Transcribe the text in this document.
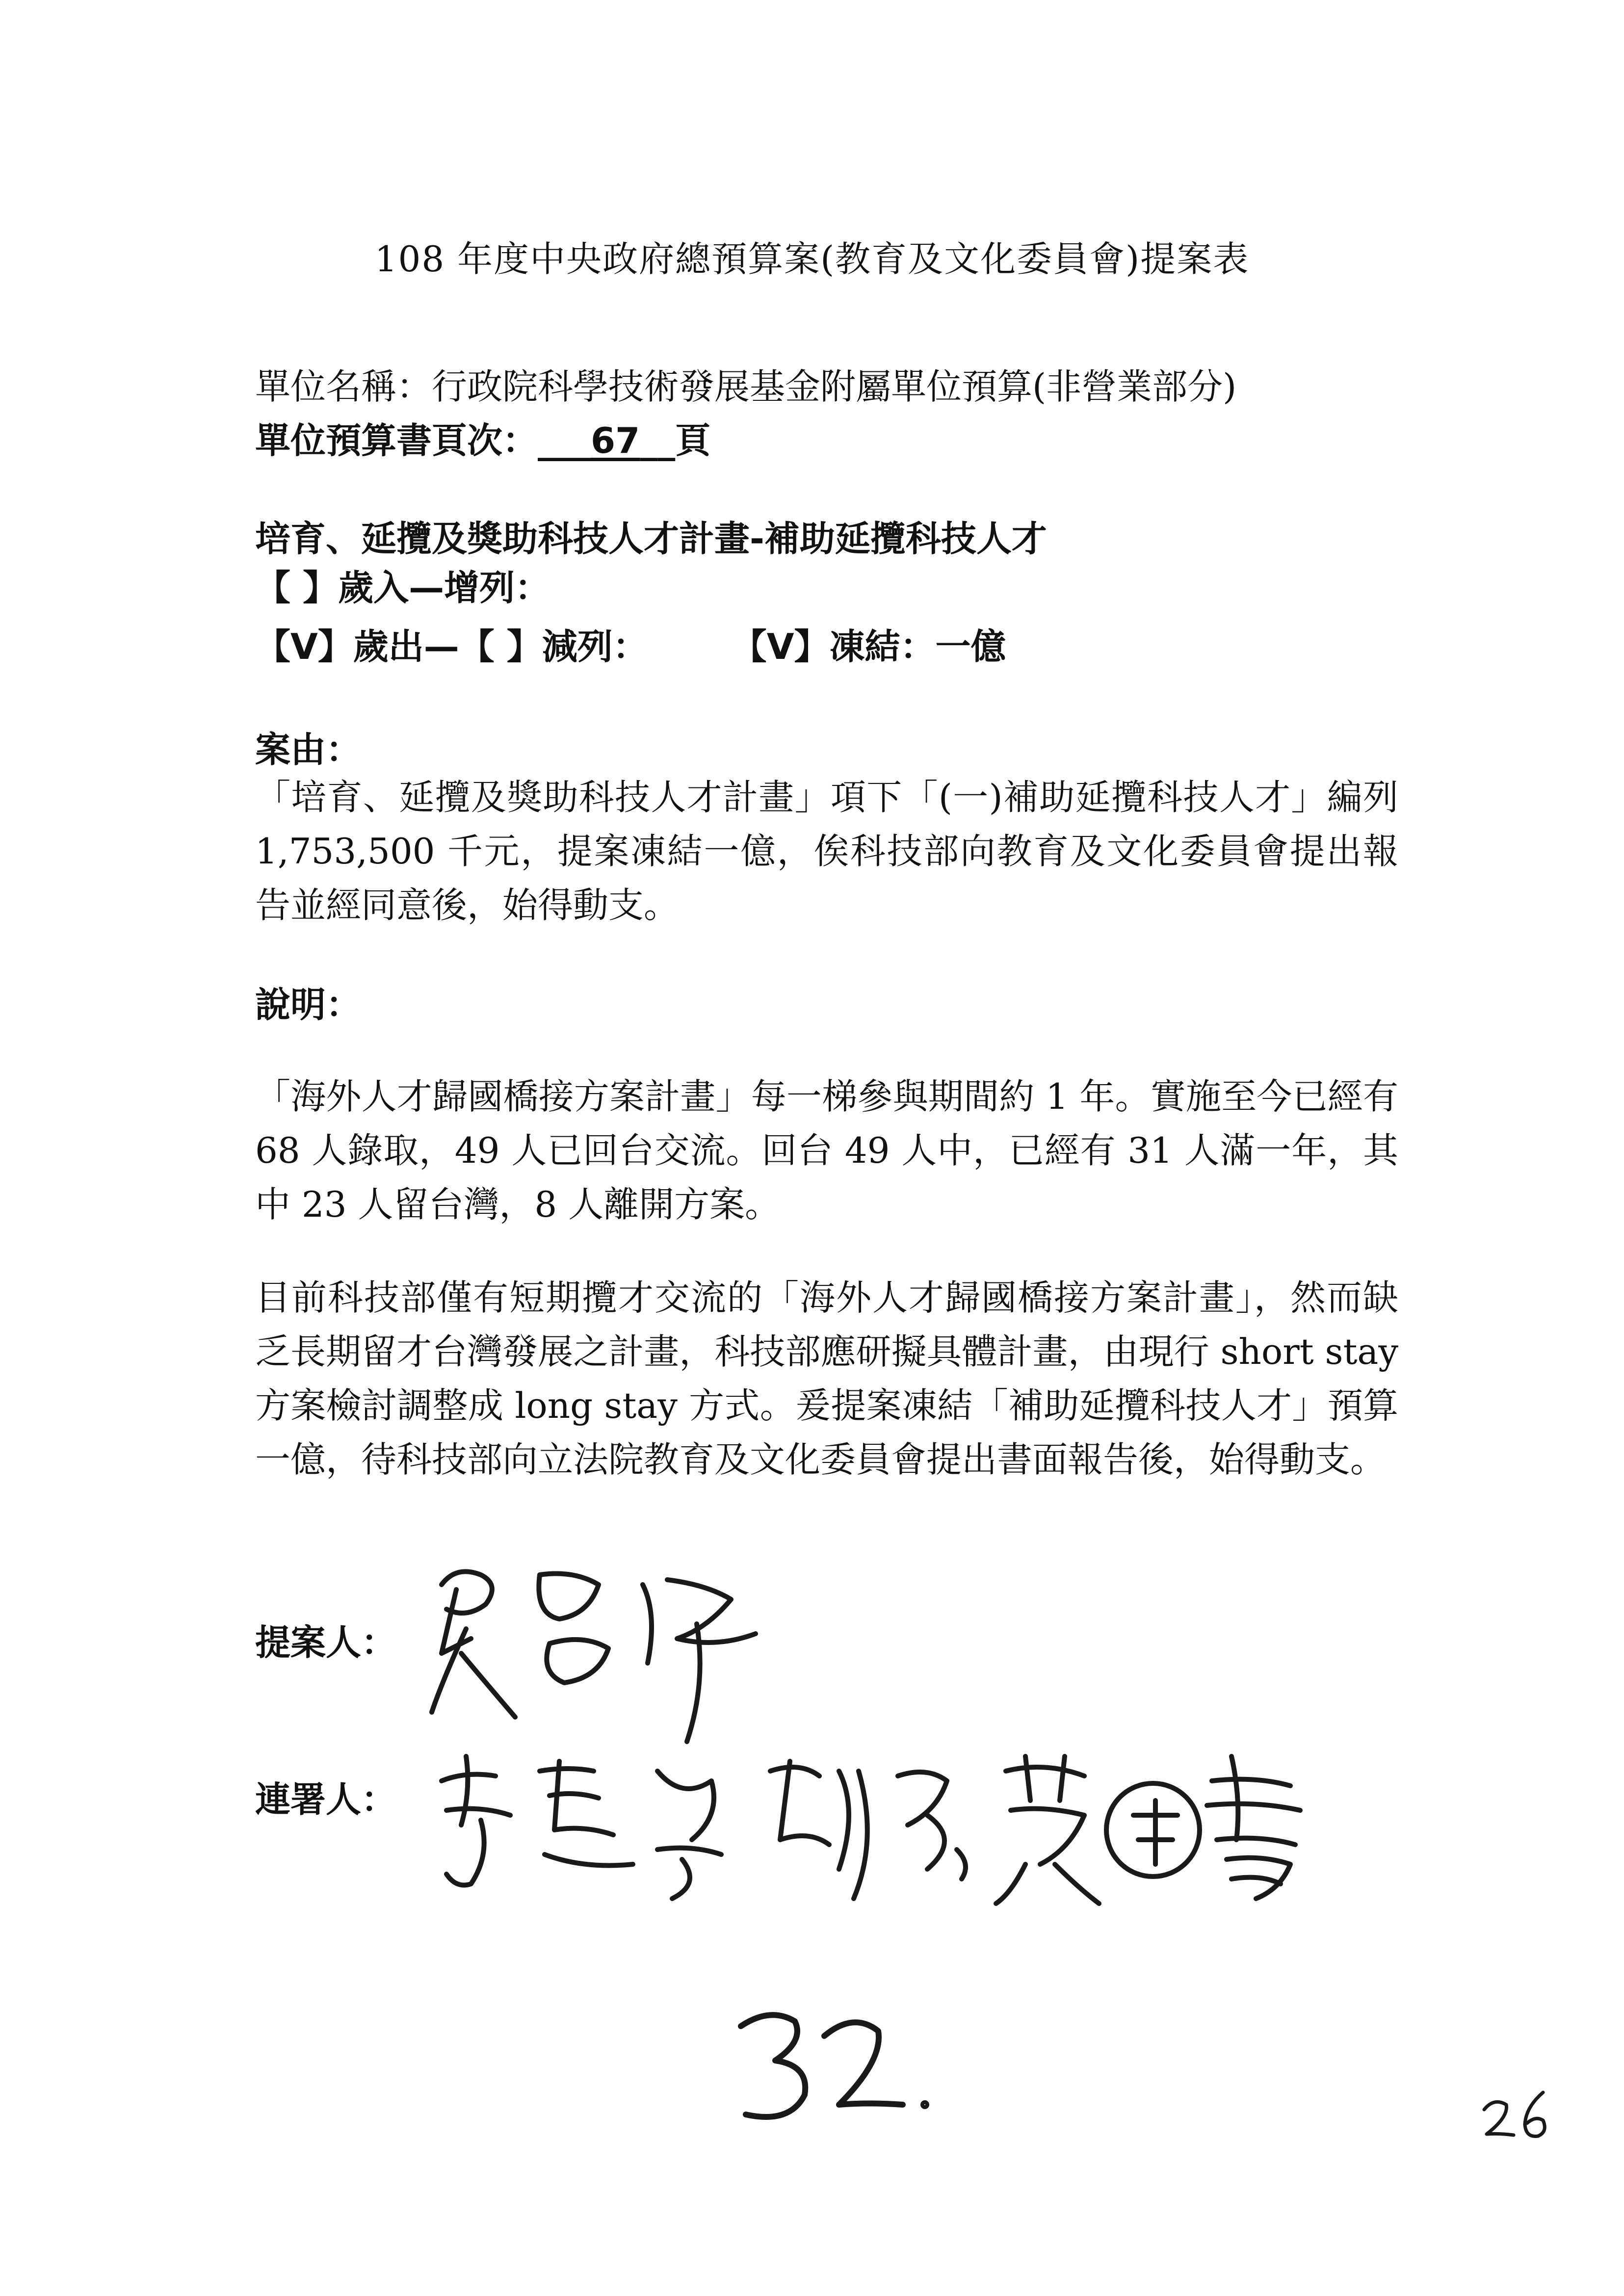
108 年度中央政府總預算案(教育及文化委員會)提案表
單位名稱：行政院科學技術發展基金附屬單位預算(非營業部分)
單位預算書頁次：___67__頁
培育、延攬及獎助科技人才計畫-補助延攬科技人才
【 】歲入—增列：
【V】歲出—【 】減列： 【V】凍結：一億
案由：
「培育、延攬及獎助科技人才計畫」項下「(一)補助延攬科技人才」編列 1,753,500 千元，提案凍結一億，俟科技部向教育及文化委員會提出報告並經同意後，始得動支。
說明：
「海外人才歸國橋接方案計畫」每一梯參與期間約 1 年。實施至今已經有 68 人錄取，49 人已回台交流。回台 49 人中，已經有 31 人滿一年，其中 23 人留台灣，8 人離開方案。
目前科技部僅有短期攬才交流的「海外人才歸國橋接方案計畫」，然而缺乏長期留才台灣發展之計畫，科技部應研擬具體計畫，由現行 short stay 方案檢討調整成 long stay 方式。爰提案凍結「補助延攬科技人才」預算一億，待科技部向立法院教育及文化委員會提出書面報告後，始得動支。
提案人：
連署人：
